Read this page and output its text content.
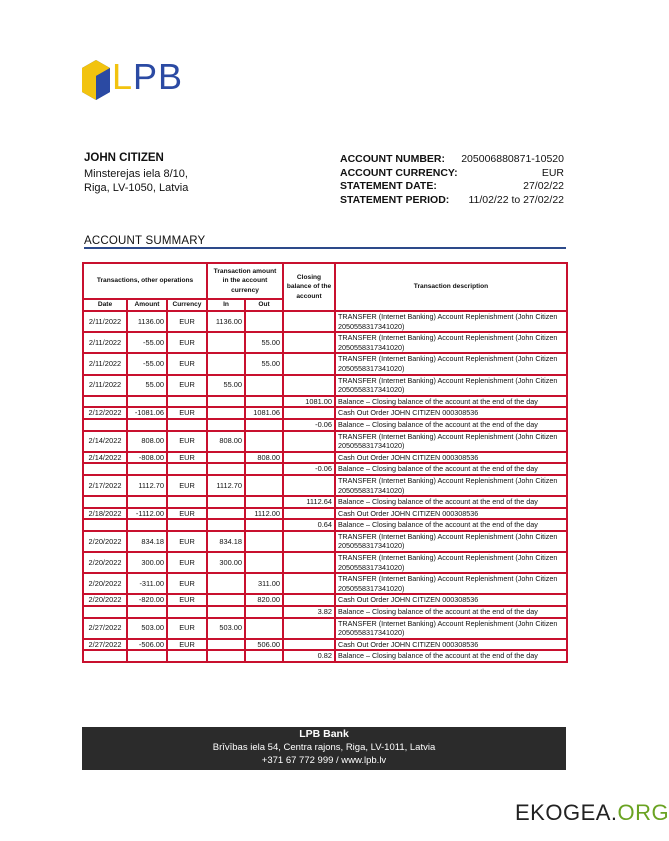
LPB
JOHN CITIZEN
Minsterejas iela 8/10,
Riga, LV-1050, Latvia
ACCOUNT NUMBER: 205006880871-10520
ACCOUNT CURRENCY:	EUR
STATEMENT DATE:	27/02/22
STATEMENT PERIOD: 11/02/22 to 27/02/22
ACCOUNT SUMMARY
Transactions, other operations			Transaction amount in the account currency		Closing balance of the account	Transaction description
Date	Amount	Currency	In	Out		
2/11/2022	1136.00	EUR	1136.00			TRANSFER (Internet Banking) Account Replenishment (John Citizen 2050558317341020)
2/11/2022	-55.00	EUR		55.00		TRANSFER (Internet Banking) Account Replenishment (John Citizen 2050558317341020)
2/11/2022	-55.00	EUR		55.00		TRANSFER (Internet Banking) Account Replenishment (John Citizen 2050558317341020)
2/11/2022	55.00	EUR	55.00			TRANSFER (Internet Banking) Account Replenishment (John Citizen 2050558317341020)
					1081.00	Balance – Closing balance of the account at the end of the day
2/12/2022	-1081.06	EUR		1081.06		Cash Out Order JOHN CITIZEN 000308536
					-0.06	Balance – Closing balance of the account at the end of the day
2/14/2022	808.00	EUR	808.00			TRANSFER (Internet Banking) Account Replenishment (John Citizen 2050558317341020)
2/14/2022	-808.00	EUR		808.00		Cash Out Order JOHN CITIZEN 000308536
					-0.06	Balance – Closing balance of the account at the end of the day
2/17/2022	1112.70	EUR	1112.70			TRANSFER (Internet Banking) Account Replenishment (John Citizen 2050558317341020)
					1112.64	Balance – Closing balance of the account at the end of the day
2/18/2022	-1112.00	EUR		1112.00		Cash Out Order JOHN CITIZEN 000308536
					0.64	Balance – Closing balance of the account at the end of the day
2/20/2022	834.18	EUR	834.18			TRANSFER (Internet Banking) Account Replenishment (John Citizen 2050558317341020)
2/20/2022	300.00	EUR	300.00			TRANSFER (Internet Banking) Account Replenishment (John Citizen 2050558317341020)
2/20/2022	-311.00	EUR		311.00		TRANSFER (Internet Banking) Account Replenishment (John Citizen 2050558317341020)
2/20/2022	-820.00	EUR		820.00		Cash Out Order JOHN CITIZEN 000308536
					3.82	Balance – Closing balance of the account at the end of the day
2/27/2022	503.00	EUR	503.00			TRANSFER (Internet Banking) Account Replenishment (John Citizen 2050558317341020)
2/27/2022	-506.00	EUR		506.00		Cash Out Order JOHN CITIZEN 000308536
					0.82	Balance – Closing balance of the account at the end of the day
LPB Bank
Brīvības iela 54, Centra rajons, Riga, LV-1011, Latvia
+371 67 772 999 / www.lpb.lv
EKOGEA.ORG
